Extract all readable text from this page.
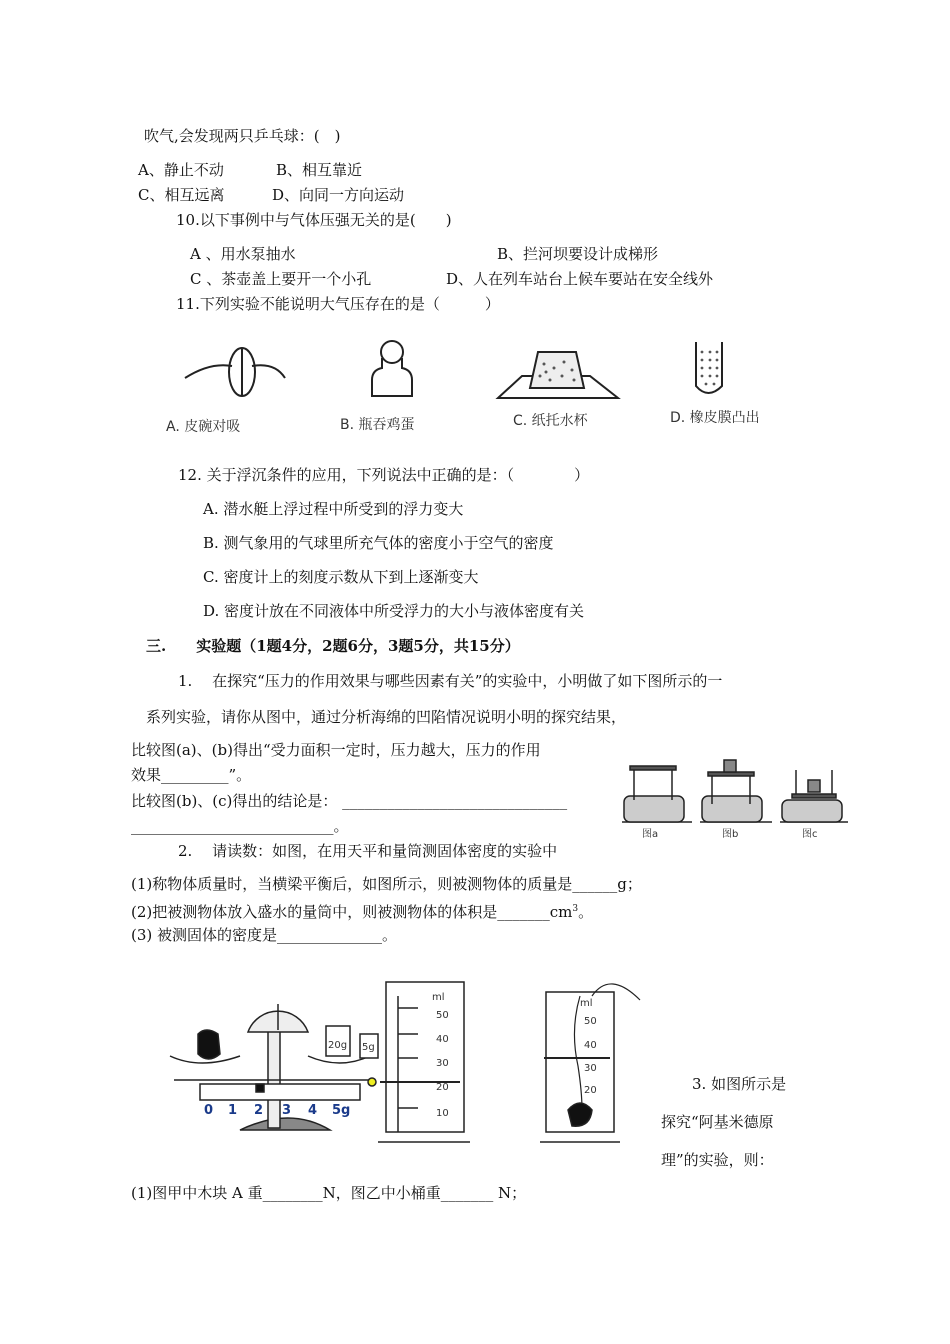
吹气,会发现两只乒乓球：(　)
A、静止不动	B、相互靠近
C、相互远离	D、向同一方向运动
10.以下事例中与气体压强无关的是(　　)
A 、用水泵抽水	B、拦河坝要设计成梯形
C 、茶壶盖上要开一个小孔	D、人在列车站台上候车要站在安全线外
11.下列实验不能说明大气压存在的是（　　　）
A. 皮碗对吸	B. 瓶吞鸡蛋	C. 纸托水杯	D. 橡皮膜凸出
12. 关于浮沉条件的应用，下列说法中正确的是：（　　　　）
A. 潜水艇上浮过程中所受到的浮力变大
B. 测气象用的气球里所充气体的密度小于空气的密度
C. 密度计上的刻度示数从下到上逐渐变大
D. 密度计放在不同液体中所受浮力的大小与液体密度有关
三.　　实验题（1题4分，2题6分，3题5分，共15分）
1.　 在探究“压力的作用效果与哪些因素有关”的实验中，小明做了如下图所示的一
系列实验，请你从图中，通过分析海绵的凹陷情况说明小明的探究结果，
比较图(a)、(b)得出“受力面积一定时，压力越大，压力的作用
效果_________”。
比较图(b)、(c)得出的结论是： ______________________________
___________________________。	图a	图b	图c
2.　 请读数：如图，在用天平和量筒测固体密度的实验中
(1)称物体质量时，当横梁平衡后，如图所示，则被测物体的质量是______g；
(2)把被测物体放入盛水的量筒中，则被测物体的体积是$\_\_\_\_\_\_\_cm^3$。
(3) 被测固体的密度是______________。
20g 5g
0 1 2 3 4 5g
ml
50
40
30
20
10
ml
50
40
30
20	3. 如图所示是
探究“阿基米德原
理”的实验，则：
(1)图甲中木块 A 重________N，图乙中小桶重_______ N；
